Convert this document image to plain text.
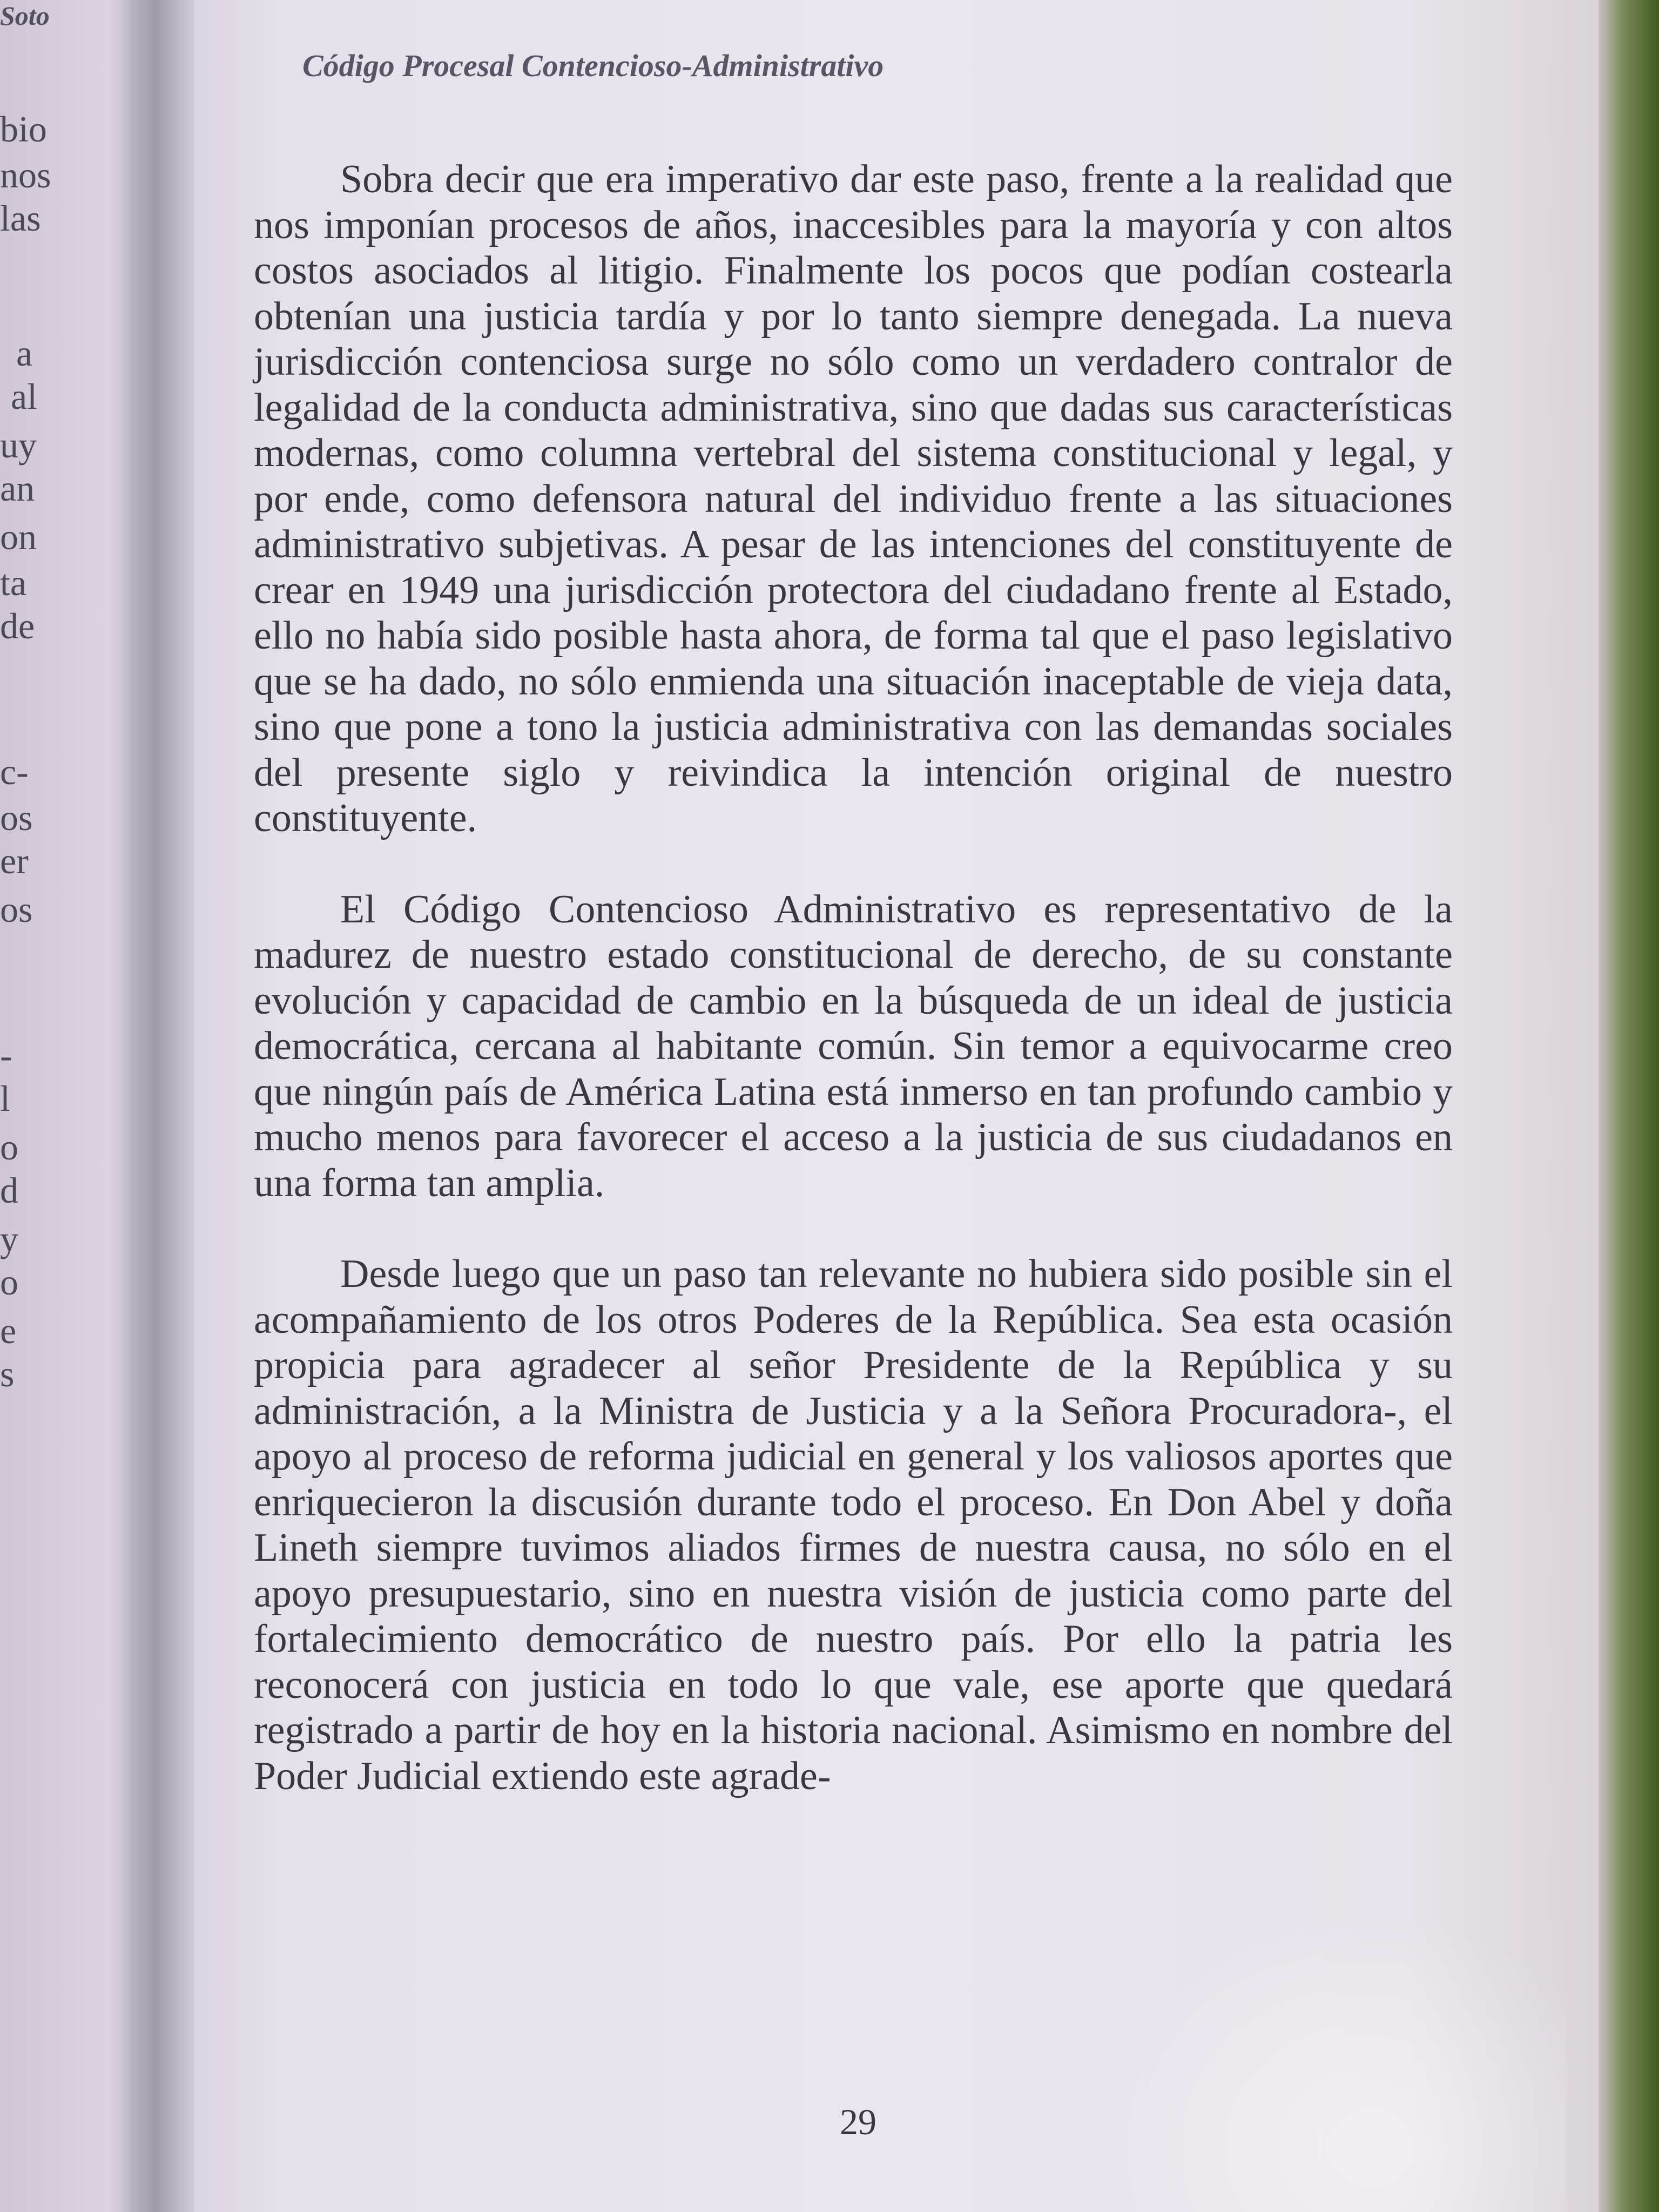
Soto
bio
nos
las
a
al
uy
an
on
ta
de
c-
os
er
os
-
l
o
d
y
o
e
s
Código Procesal Contencioso-Administrativo

Sobra decir que era imperativo dar este paso, frente a la realidad que nos imponían procesos de años, inaccesibles para la mayoría y con altos costos asociados al litigio. Finalmente los pocos que podían costearla obtenían una justicia tardía y por lo tanto siempre denegada. La nueva jurisdicción contenciosa surge no sólo como un verdadero contralor de legalidad de la conducta administrativa, sino que dadas sus características modernas, como columna vertebral del sistema constitucional y legal, y por ende, como defensora natural del individuo frente a las situaciones administrativo subjetivas. A pesar de las intenciones del constituyente de crear en 1949 una jurisdicción protectora del ciudadano frente al Estado, ello no había sido posible hasta ahora, de forma tal que el paso legislativo que se ha dado, no sólo enmienda una situación inaceptable de vieja data, sino que pone a tono la justicia administrativa con las demandas sociales del presente siglo y reivindica la intención original de nuestro constituyente.

El Código Contencioso Administrativo es representativo de la madurez de nuestro estado constitucional de derecho, de su constante evolución y capacidad de cambio en la búsqueda de un ideal de justicia democrática, cercana al habitante común. Sin temor a equivocarme creo que ningún país de América Latina está inmerso en tan profundo cambio y mucho menos para favorecer el acceso a la justicia de sus ciudadanos en una forma tan amplia.

Desde luego que un paso tan relevante no hubiera sido posible sin el acompañamiento de los otros Poderes de la República. Sea esta ocasión propicia para agradecer al señor Presidente de la República y su administración, a la Ministra de Justicia y a la Señora Procuradora-, el apoyo al proceso de reforma judicial en general y los valiosos aportes que enriquecieron la discusión durante todo el proceso. En Don Abel y doña Lineth siempre tuvimos aliados firmes de nuestra causa, no sólo en el apoyo presupuestario, sino en nuestra visión de justicia como parte del fortalecimiento democrático de nuestro país. Por ello la patria les reconocerá con justicia en todo lo que vale, ese aporte que quedará registrado a partir de hoy en la historia nacional. Asimismo en nombre del Poder Judicial extiendo este agrade-

29
